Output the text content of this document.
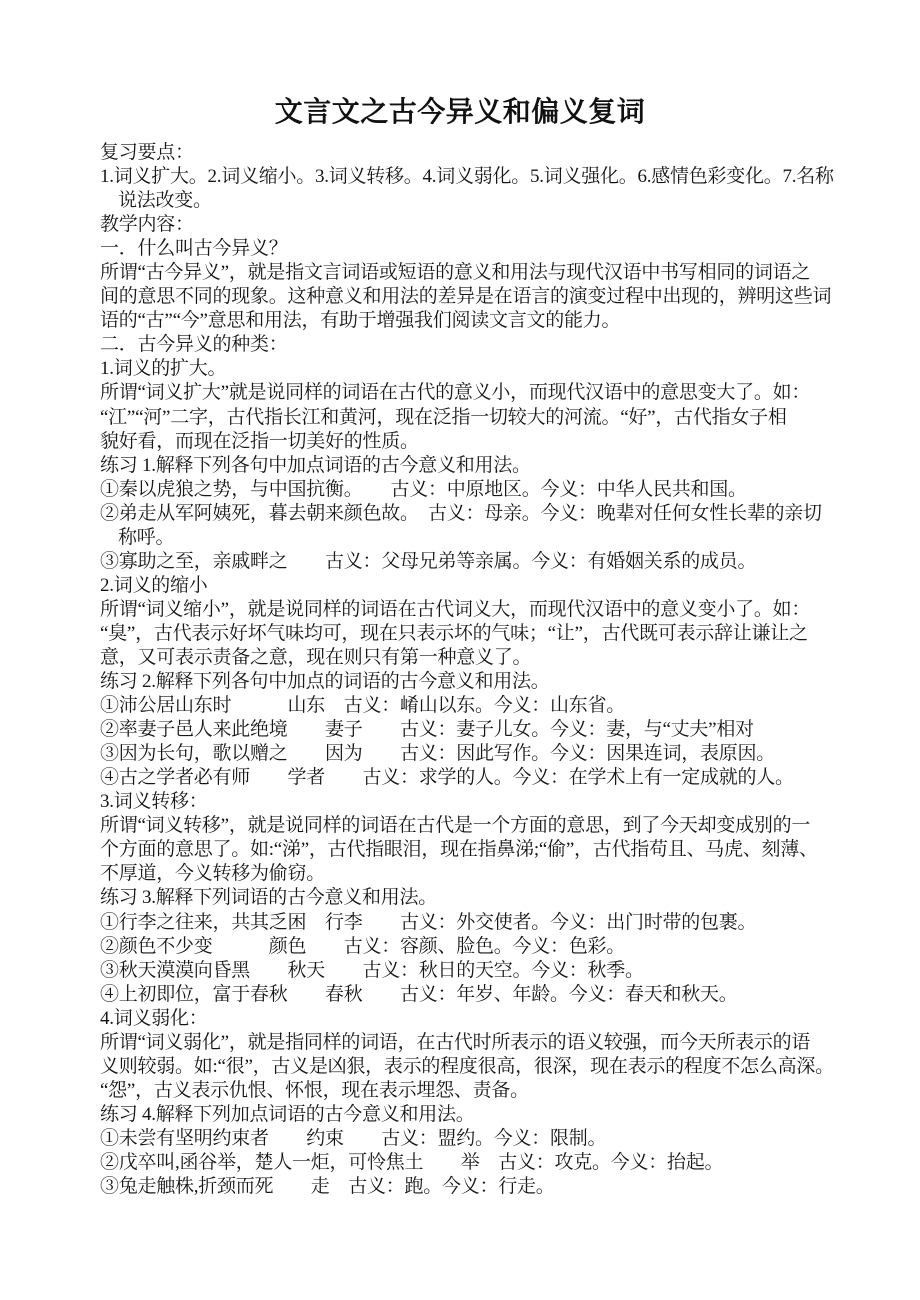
文言文之古今异义和偏义复词
复习要点：
1.词义扩大。2.词义缩小。3.词义转移。4.词义弱化。5.词义强化。6.感情色彩变化。7.名称
说法改变。
教学内容：
一．什么叫古今异义？
所谓“古今异义”，就是指文言词语或短语的意义和用法与现代汉语中书写相同的词语之
间的意思不同的现象。这种意义和用法的差异是在语言的演变过程中出现的，辨明这些词
语的“古”“今”意思和用法，有助于增强我们阅读文言文的能力。
二．古今异义的种类：
1.词义的扩大。
所谓“词义扩大”就是说同样的词语在古代的意义小，而现代汉语中的意思变大了。如：
“江”“河”二字，古代指长江和黄河，现在泛指一切较大的河流。“好”，古代指女子相
貌好看，而现在泛指一切美好的性质。
练习 1.解释下列各句中加点词语的古今意义和用法。
①秦以虎狼之势，与中国抗衡。　　古义：中原地区。今义：中华人民共和国。
②弟走从军阿姨死，暮去朝来颜色故。　古义：母亲。今义：晚辈对任何女性长辈的亲切
称呼。
③寡助之至，亲戚畔之　　古义：父母兄弟等亲属。今义：有婚姻关系的成员。
2.词义的缩小
所谓“词义缩小”，就是说同样的词语在古代词义大，而现代汉语中的意义变小了。如：
“臭”，古代表示好坏气味均可，现在只表示坏的气味；“让”，古代既可表示辞让谦让之
意，又可表示责备之意，现在则只有第一种意义了。
练习 2.解释下列各句中加点的词语的古今意义和用法。
①沛公居山东时　　　山东　古义：崤山以东。今义：山东省。
②率妻子邑人来此绝境　　妻子　　古义：妻子儿女。今义：妻，与“丈夫”相对
③因为长句，歌以赠之　　因为　　古义：因此写作。今义：因果连词，表原因。
④古之学者必有师　　学者　　古义：求学的人。今义：在学术上有一定成就的人。
3.词义转移：
所谓“词义转移”，就是说同样的词语在古代是一个方面的意思，到了今天却变成别的一
个方面的意思了。如:“涕”，古代指眼泪，现在指鼻涕;“偷”，古代指苟且、马虎、刻薄、
不厚道，今义转移为偷窃。
练习 3.解释下列词语的古今意义和用法。
①行李之往来，共其乏困　行李　　古义：外交使者。今义：出门时带的包裹。
②颜色不少变　　　颜色　　古义：容颜、脸色。今义：色彩。
③秋天漠漠向昏黑　　秋天　　古义：秋日的天空。今义：秋季。
④上初即位，富于春秋　　春秋　　古义：年岁、年龄。今义：春天和秋天。
4.词义弱化：
所谓“词义弱化”，就是指同样的词语，在古代时所表示的语义较强，而今天所表示的语
义则较弱。如:“很”，古义是凶狠，表示的程度很高，很深，现在表示的程度不怎么高深。
“怨”，古义表示仇恨、怀恨，现在表示埋怨、责备。
练习 4.解释下列加点词语的古今意义和用法。
①未尝有坚明约束者　　约束　　古义：盟约。今义：限制。
②戊卒叫,函谷举，楚人一炬，可怜焦土　　举　古义：攻克。今义：抬起。
③兔走触株,折颈而死　　走　古义：跑。今义：行走。
